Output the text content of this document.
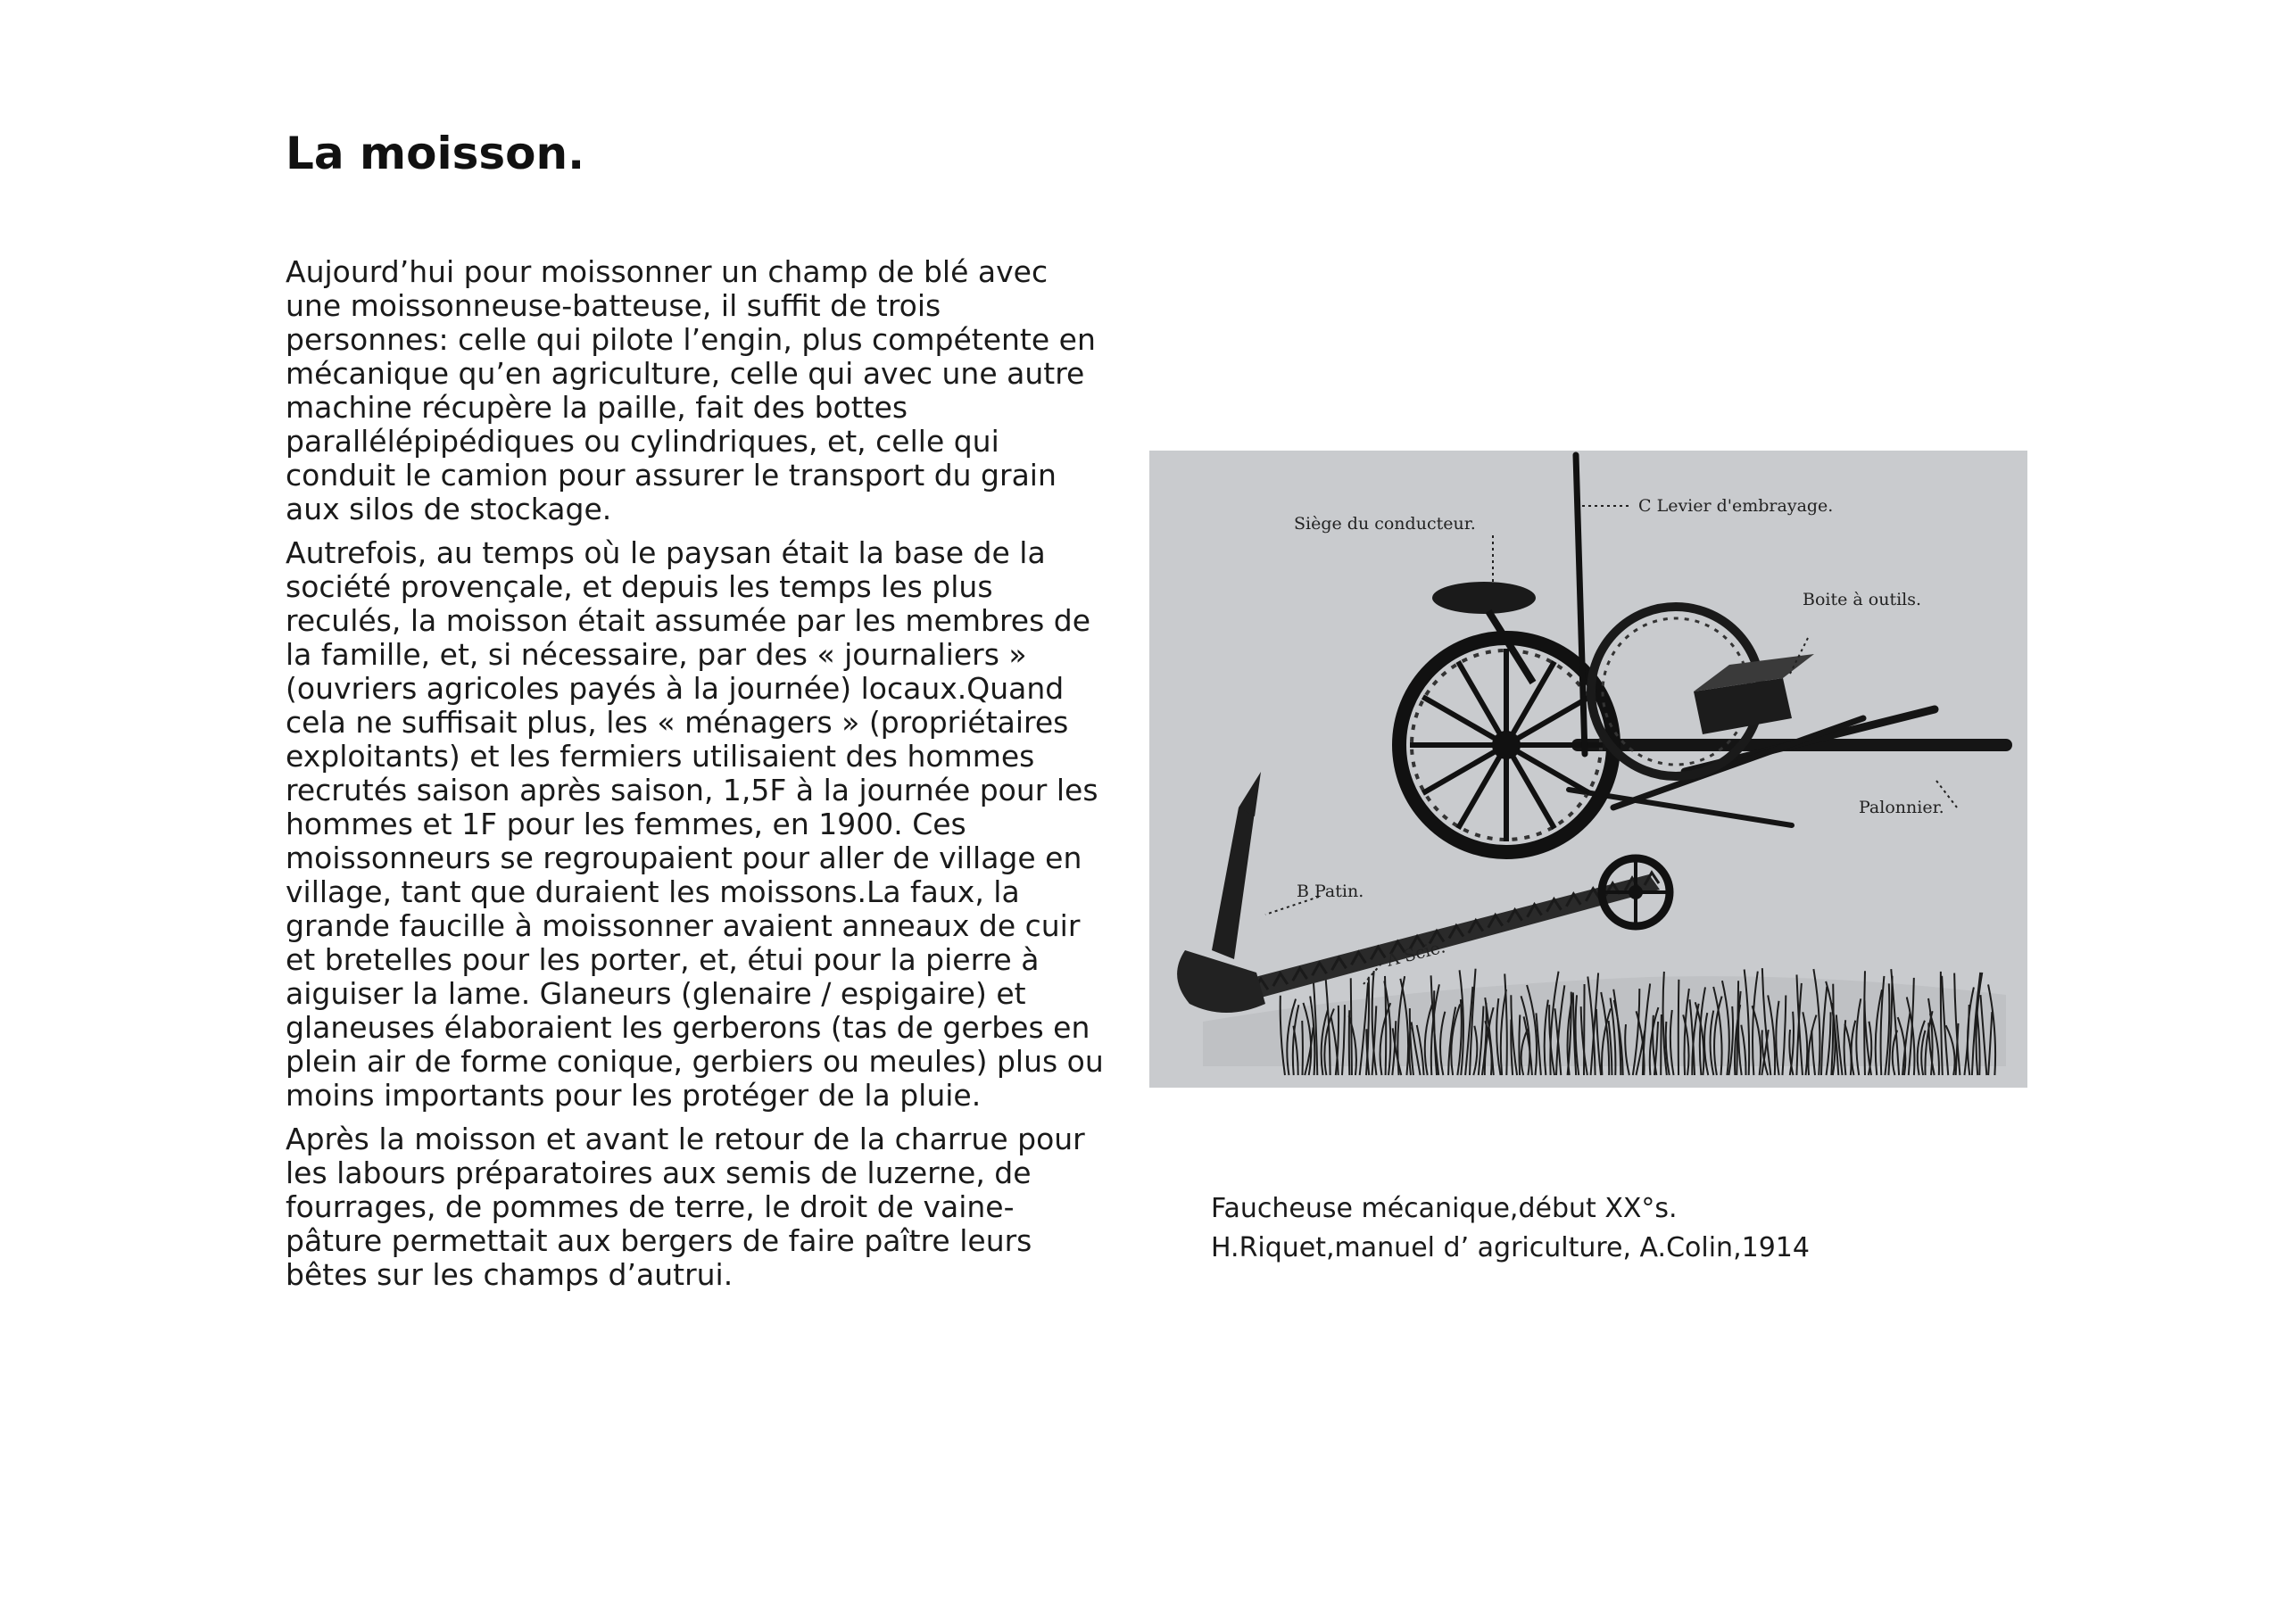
La moisson.

Aujourd’hui pour moissonner un champ de blé avec une moissonneuse-batteuse, il suffit de trois personnes: celle qui pilote l’engin, plus compétente en mécanique qu’en agriculture, celle qui avec une autre machine récupère la paille, fait des bottes parallélépipédiques ou cylindriques, et, celle qui conduit le camion pour assurer le transport du grain aux silos de stockage.

Autrefois, au temps où le paysan était la base de la société provençale, et depuis les temps les plus reculés, la moisson était assumée par les membres de la famille, et, si nécessaire, par des « journaliers » (ouvriers agricoles payés à la journée) locaux.Quand cela ne suffisait plus, les « ménagers » (propriétaires exploitants) et les fermiers utilisaient des hommes recrutés saison après saison, 1,5F à la journée pour les hommes et 1F pour les femmes, en 1900. Ces moissonneurs se regroupaient pour aller de village en village, tant que duraient les moissons.La faux, la grande faucille à moissonner avaient anneaux de cuir et bretelles pour les porter, et, étui pour la pierre à aiguiser la lame. Glaneurs (glenaire / espigaire) et glaneuses élaboraient les gerberons (tas de gerbes en plein air de forme conique, gerbiers ou meules) plus ou moins importants pour les protéger de la pluie.

Après la moisson et avant le retour de la charrue pour les labours préparatoires aux semis de luzerne, de fourrages, de pommes de terre, le droit de vaine-pâture permettait aux bergers de faire paître leurs bêtes sur les champs d’autrui.

Siège du conducteur.
C Levier d'embrayage.
Boite à outils.
Palonnier.
B Patin.
A Scie.
Faucheuse mécanique,début XX°s.
H.Riquet,manuel d’ agriculture, A.Colin,1914
